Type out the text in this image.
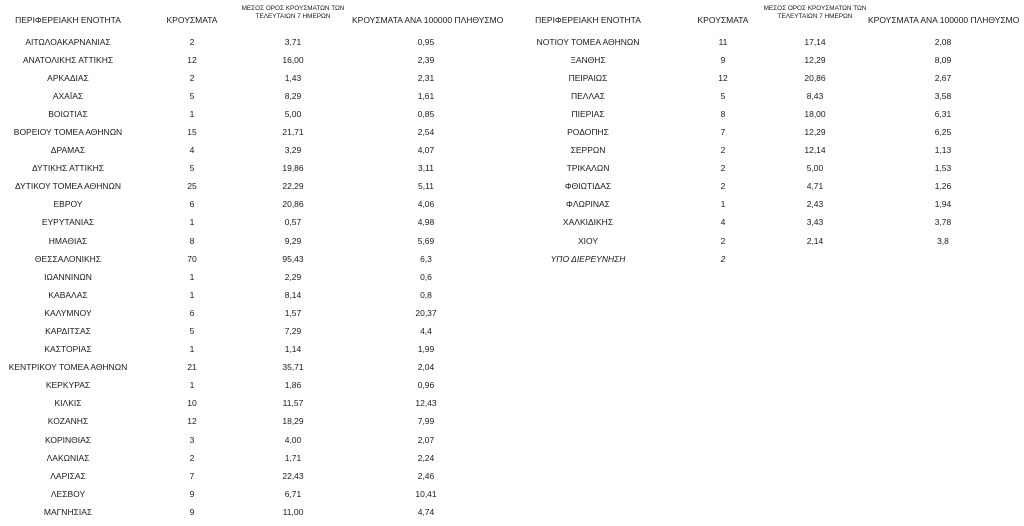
ΠΕΡΙΦΕΡΕΙΑΚΗ ΕΝΟΤΗΤΑ	ΚΡΟΥΣΜΑΤΑ
ΜΕΣΟΣ ΟΡΟΣ ΚΡΟΥΣΜΑΤΩΝ ΤΩΝ
ΤΕΛΕΥΤΑΙΩΝ 7 ΗΜΕΡΩΝ	ΚΡΟΥΣΜΑΤΑ ΑΝΑ 100000 ΠΛΗΘΥΣΜΟ
ΑΙΤΩΛΟΑΚΑΡΝΑΝΙΑΣ	2	3,71	0,95
ΑΝΑΤΟΛΙΚΗΣ ΑΤΤΙΚΗΣ	12	16,00	2,39
ΑΡΚΑΔΙΑΣ	2	1,43	2,31
ΑΧΑΪΑΣ	5	8,29	1,61
ΒΟΙΩΤΙΑΣ	1	5,00	0,85
ΒΟΡΕΙΟΥ ΤΟΜΕΑ ΑΘΗΝΩΝ	15	21,71	2,54
ΔΡΑΜΑΣ	4	3,29	4,07
ΔΥΤΙΚΗΣ ΑΤΤΙΚΗΣ	5	19,86	3,11
ΔΥΤΙΚΟΥ ΤΟΜΕΑ ΑΘΗΝΩΝ	25	22,29	5,11
ΕΒΡΟΥ	6	20,86	4,06
ΕΥΡΥΤΑΝΙΑΣ	1	0,57	4,98
ΗΜΑΘΙΑΣ	8	9,29	5,69
ΘΕΣΣΑΛΟΝΙΚΗΣ	70	95,43	6,3
ΙΩΑΝΝΙΝΩΝ	1	2,29	0,6
ΚΑΒΑΛΑΣ	1	8,14	0,8
ΚΑΛΥΜΝΟΥ	6	1,57	20,37
ΚΑΡΔΙΤΣΑΣ	5	7,29	4,4
ΚΑΣΤΟΡΙΑΣ	1	1,14	1,99
ΚΕΝΤΡΙΚΟΥ ΤΟΜΕΑ ΑΘΗΝΩΝ	21	35,71	2,04
ΚΕΡΚΥΡΑΣ	1	1,86	0,96
ΚΙΛΚΙΣ	10	11,57	12,43
ΚΟΖΑΝΗΣ	12	18,29	7,99
ΚΟΡΙΝΘΙΑΣ	3	4,00	2,07
ΛΑΚΩΝΙΑΣ	2	1,71	2,24
ΛΑΡΙΣΑΣ	7	22,43	2,46
ΛΕΣΒΟΥ	9	6,71	10,41
ΜΑΓΝΗΣΙΑΣ	9	11,00	4,74
ΠΕΡΙΦΕΡΕΙΑΚΗ ΕΝΟΤΗΤΑ	ΚΡΟΥΣΜΑΤΑ
ΜΕΣΟΣ ΟΡΟΣ ΚΡΟΥΣΜΑΤΩΝ ΤΩΝ
ΤΕΛΕΥΤΑΙΩΝ 7 ΗΜΕΡΩΝ	ΚΡΟΥΣΜΑΤΑ ΑΝΑ 100000 ΠΛΗΘΥΣΜΟ
ΝΟΤΙΟΥ ΤΟΜΕΑ ΑΘΗΝΩΝ	11	17,14	2,08
ΞΑΝΘΗΣ	9	12,29	8,09
ΠΕΙΡΑΙΩΣ	12	20,86	2,67
ΠΕΛΛΑΣ	5	8,43	3,58
ΠΙΕΡΙΑΣ	8	18,00	6,31
ΡΟΔΟΠΗΣ	7	12,29	6,25
ΣΕΡΡΩΝ	2	12,14	1,13
ΤΡΙΚΑΛΩΝ	2	5,00	1,53
ΦΘΙΩΤΙΔΑΣ	2	4,71	1,26
ΦΛΩΡΙΝΑΣ	1	2,43	1,94
ΧΑΛΚΙΔΙΚΗΣ	4	3,43	3,78
ΧΙΟΥ	2	2,14	3,8
ΥΠΟ ΔΙΕΡΕΥΝΗΣΗ	2
